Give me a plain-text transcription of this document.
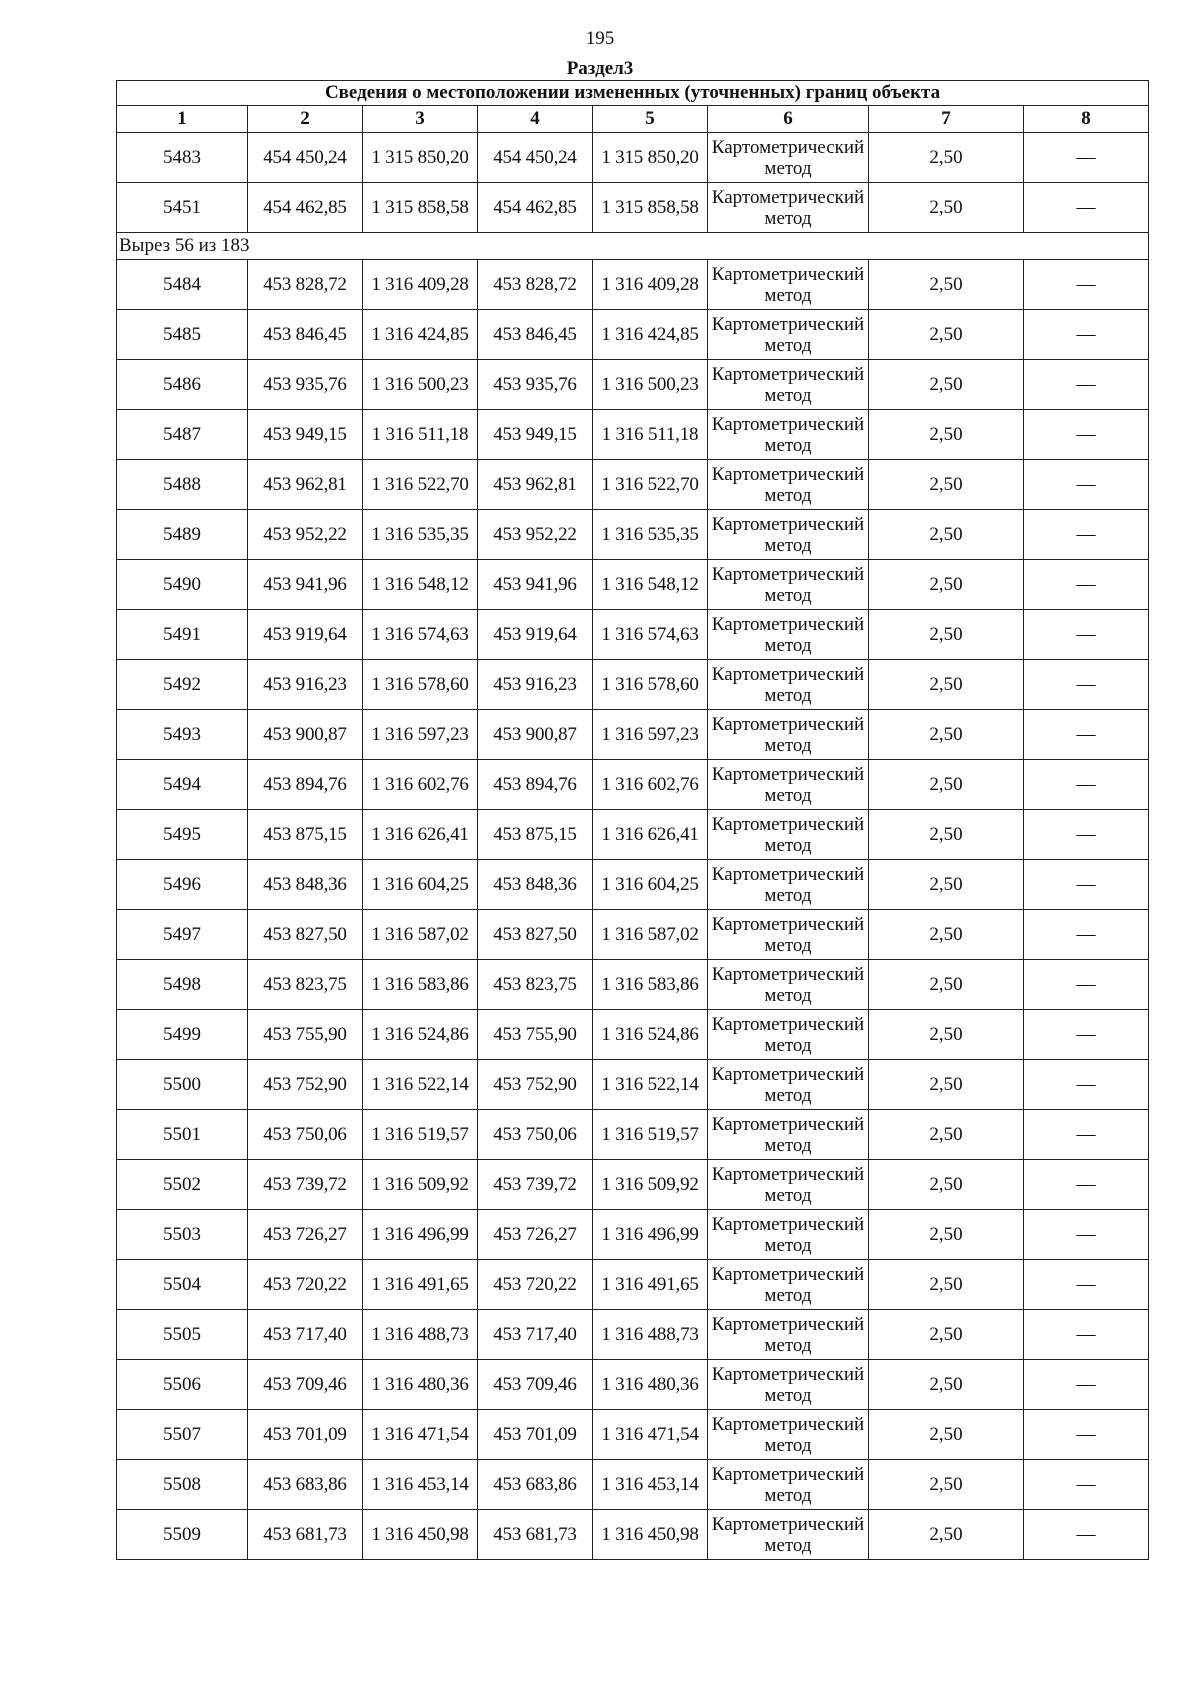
195
Раздел3
Сведения о местоположении измененных (уточненных) границ объекта							
1	2	3	4	5	6	7	8
5483	454 450,24	1 315 850,20	454 450,24	1 315 850,20	Картометрический метод	2,50	—
5451	454 462,85	1 315 858,58	454 462,85	1 315 858,58	Картометрический метод	2,50	—
Вырез 56 из 183							
5484	453 828,72	1 316 409,28	453 828,72	1 316 409,28	Картометрический метод	2,50	—
5485	453 846,45	1 316 424,85	453 846,45	1 316 424,85	Картометрический метод	2,50	—
5486	453 935,76	1 316 500,23	453 935,76	1 316 500,23	Картометрический метод	2,50	—
5487	453 949,15	1 316 511,18	453 949,15	1 316 511,18	Картометрический метод	2,50	—
5488	453 962,81	1 316 522,70	453 962,81	1 316 522,70	Картометрический метод	2,50	—
5489	453 952,22	1 316 535,35	453 952,22	1 316 535,35	Картометрический метод	2,50	—
5490	453 941,96	1 316 548,12	453 941,96	1 316 548,12	Картометрический метод	2,50	—
5491	453 919,64	1 316 574,63	453 919,64	1 316 574,63	Картометрический метод	2,50	—
5492	453 916,23	1 316 578,60	453 916,23	1 316 578,60	Картометрический метод	2,50	—
5493	453 900,87	1 316 597,23	453 900,87	1 316 597,23	Картометрический метод	2,50	—
5494	453 894,76	1 316 602,76	453 894,76	1 316 602,76	Картометрический метод	2,50	—
5495	453 875,15	1 316 626,41	453 875,15	1 316 626,41	Картометрический метод	2,50	—
5496	453 848,36	1 316 604,25	453 848,36	1 316 604,25	Картометрический метод	2,50	—
5497	453 827,50	1 316 587,02	453 827,50	1 316 587,02	Картометрический метод	2,50	—
5498	453 823,75	1 316 583,86	453 823,75	1 316 583,86	Картометрический метод	2,50	—
5499	453 755,90	1 316 524,86	453 755,90	1 316 524,86	Картометрический метод	2,50	—
5500	453 752,90	1 316 522,14	453 752,90	1 316 522,14	Картометрический метод	2,50	—
5501	453 750,06	1 316 519,57	453 750,06	1 316 519,57	Картометрический метод	2,50	—
5502	453 739,72	1 316 509,92	453 739,72	1 316 509,92	Картометрический метод	2,50	—
5503	453 726,27	1 316 496,99	453 726,27	1 316 496,99	Картометрический метод	2,50	—
5504	453 720,22	1 316 491,65	453 720,22	1 316 491,65	Картометрический метод	2,50	—
5505	453 717,40	1 316 488,73	453 717,40	1 316 488,73	Картометрический метод	2,50	—
5506	453 709,46	1 316 480,36	453 709,46	1 316 480,36	Картометрический метод	2,50	—
5507	453 701,09	1 316 471,54	453 701,09	1 316 471,54	Картометрический метод	2,50	—
5508	453 683,86	1 316 453,14	453 683,86	1 316 453,14	Картометрический метод	2,50	—
5509	453 681,73	1 316 450,98	453 681,73	1 316 450,98	Картометрический метод	2,50	—
